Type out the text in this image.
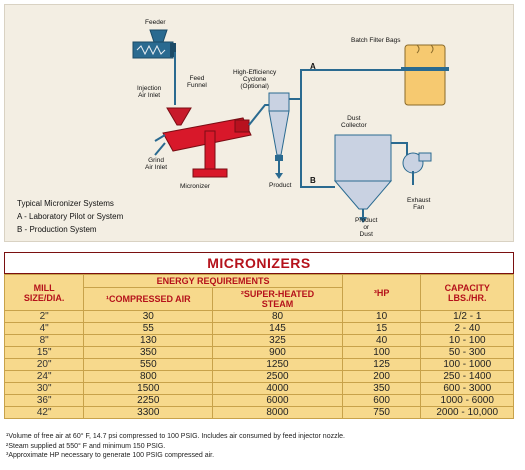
Feeder
Feed
Funnel
Injection
Air Inlet
Grind
Air Inlet
Micronizer
High-Efficiency
Cyclone
(Optional)
Product
Batch Filter Bags
Dust
Collector
Product
or
Dust
Exhaust
Fan
A
B
Typical Micronizer Systems
A - Laboratory Pilot or System
B - Production System
MICRONIZERS
MILL
SIZE/DIA.	ENERGY REQUIREMENTS		³HP	CAPACITY
LBS./HR.
	¹COMPRESSED AIR	²SUPER-HEATED
STEAM		
2"	30	80	10	1/2 - 1
4"	55	145	15	2 - 40
8"	130	325	40	10 - 100
15"	350	900	100	50 - 300
20"	550	1250	125	100 - 1000
24"	800	2500	200	250 - 1400
30"	1500	4000	350	600 - 3000
36"	2250	6000	600	1000 - 6000
42"	3300	8000	750	2000 - 10,000
¹Volume of free air at 60° F, 14.7 psi compressed to 100 PSIG. Includes air consumed by feed injector nozzle.
²Steam supplied at 550° F and minimum 150 PSIG.
³Approximate HP necessary to generate 100 PSIG compressed air.
